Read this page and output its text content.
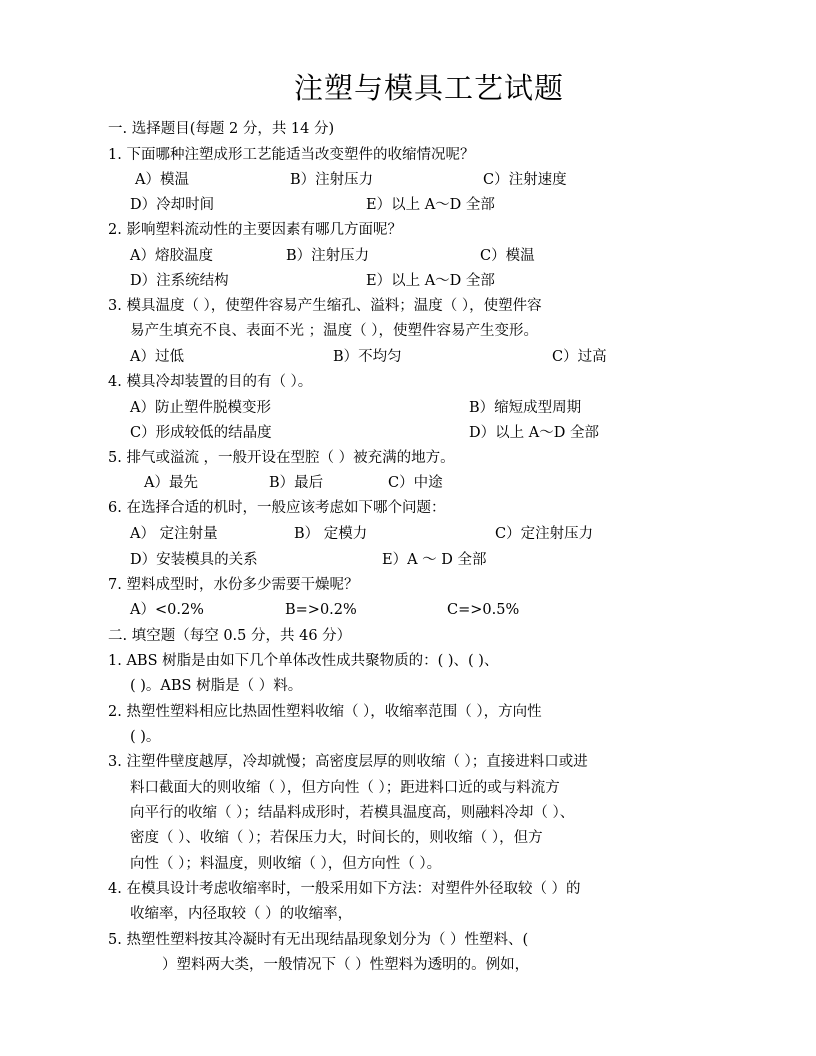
注塑与模具工艺试题
一. 选择题目(每题 2 分，共 14 分)
1. 下面哪种注塑成形工艺能适当改变塑件的收缩情况呢？
A）模温	B）注射压力	C）注射速度
D）冷却时间	E）以上 A～D 全部
2. 影响塑料流动性的主要因素有哪几方面呢？
A）熔胶温度	B）注射压力	C）模温
D）注系统结构	E）以上 A～D 全部
3. 模具温度（ ），使塑件容易产生缩孔、溢料；温度（ ），使塑件容
易产生填充不良、表面不光 ；温度（ ），使塑件容易产生变形。
A）过低	B）不均匀	C）过高
4. 模具冷却装置的目的有（ ）。
A）防止塑件脱模变形	B）缩短成型周期
C）形成较低的结晶度	D）以上 A～D 全部
5. 排气或溢流 ，一般开设在型腔（ ）被充满的地方。
A）最先	B）最后	C）中途
6. 在选择合适的机时，一般应该考虑如下哪个问题：
A） 定注射量	B） 定模力	C）定注射压力
D）安装模具的关系	E）A ～ D 全部
7. 塑料成型时，水份多少需要干燥呢？
A）<0.2%	B=>0.2%	C=>0.5%
二. 填空题（每空 0.5 分，共 46 分）
1. ABS 树脂是由如下几个单体改性成共聚物质的：( )、( )、
( )。ABS 树脂是（ ）料。
2. 热塑性塑料相应比热固性塑料收缩（ ），收缩率范围（ ），方向性
( )。
3. 注塑件壁度越厚，冷却就慢；高密度层厚的则收缩（ ）；直接进料口或进
料口截面大的则收缩（ ），但方向性（ ）；距进料口近的或与料流方
向平行的收缩（ ）；结晶料成形时，若模具温度高，则融料冷却（ ）、
密度（ ）、收缩（ ）；若保压力大，时间长的，则收缩（ ），但方
向性（ ）；料温度，则收缩（ ），但方向性（ ）。
4. 在模具设计考虑收缩率时，一般采用如下方法：对塑件外径取较（ ）的
收缩率，内径取较（ ）的收缩率，
5. 热塑性塑料按其冷凝时有无出现结晶现象划分为（ ）性塑料、(
）塑料两大类，一般情况下（ ）性塑料为透明的。例如，
